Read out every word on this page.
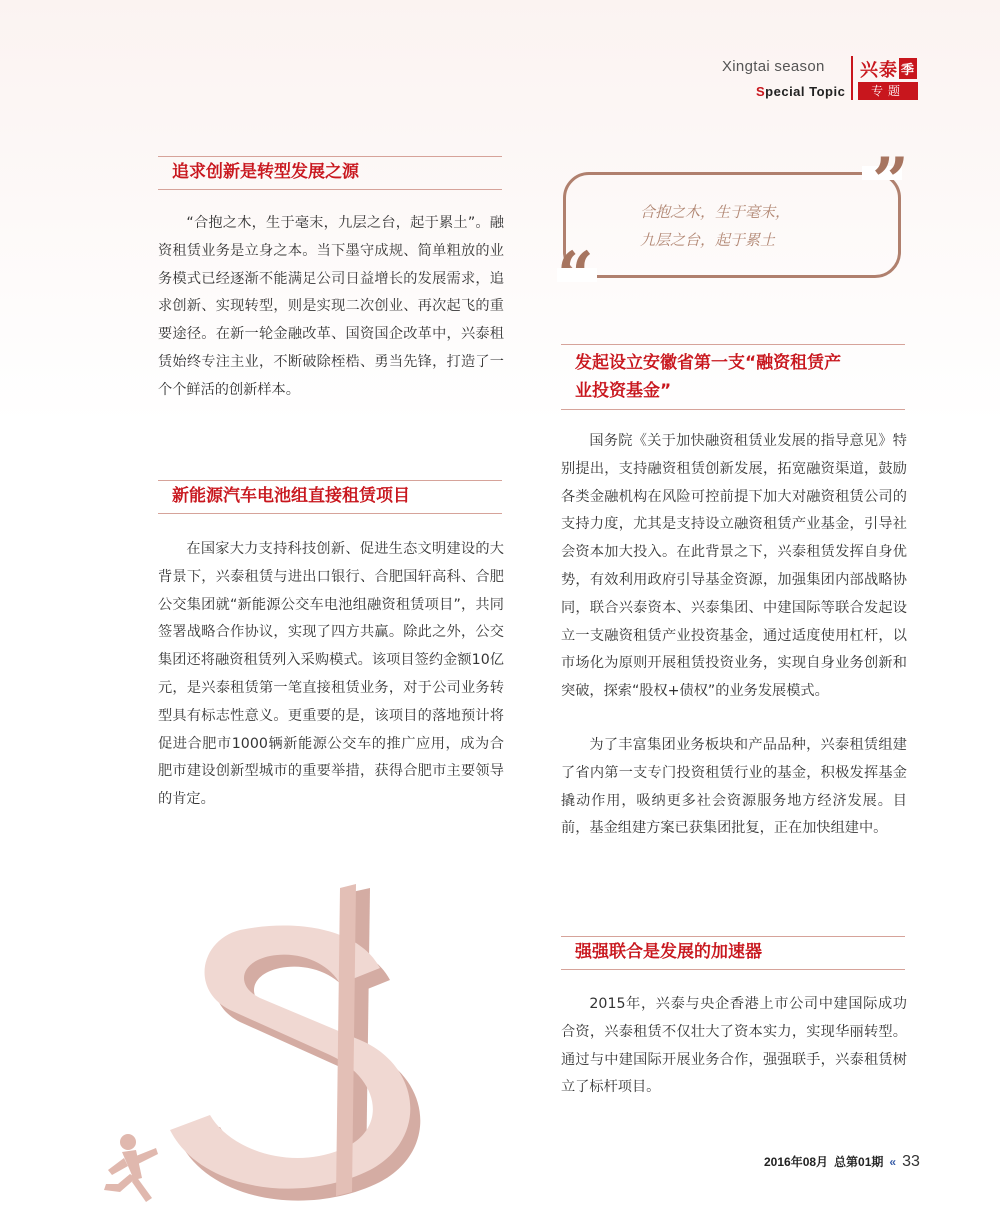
Xingtai season
Special Topic
兴泰 季
专题
追求创新是转型发展之源

“合抱之木，生于毫末，九层之台，起于累土”。融资租赁业务是立身之本。当下墨守成规、简单粗放的业务模式已经逐渐不能满足公司日益增长的发展需求，追求创新、实现转型，则是实现二次创业、再次起飞的重要途径。在新一轮金融改革、国资国企改革中，兴泰租赁始终专注主业，不断破除桎梏、勇当先锋，打造了一个个鲜活的创新样本。

新能源汽车电池组直接租赁项目

在国家大力支持科技创新、促进生态文明建设的大背景下，兴泰租赁与进出口银行、合肥国轩高科、合肥公交集团就“新能源公交车电池组融资租赁项目”，共同签署战略合作协议，实现了四方共赢。除此之外，公交集团还将融资租赁列入采购模式。该项目签约金额10亿元，是兴泰租赁第一笔直接租赁业务，对于公司业务转型具有标志性意义。更重要的是，该项目的落地预计将促进合肥市1000辆新能源公交车的推广应用，成为合肥市建设创新型城市的重要举措，获得合肥市主要领导的肯定。

”
“
合抱之木，生于毫末，
九层之台，起于累土
发起设立安徽省第一支“融资租赁产
业投资基金”

国务院《关于加快融资租赁业发展的指导意见》特别提出，支持融资租赁创新发展，拓宽融资渠道，鼓励各类金融机构在风险可控前提下加大对融资租赁公司的支持力度，尤其是支持设立融资租赁产业基金，引导社会资本加大投入。在此背景之下，兴泰租赁发挥自身优势，有效利用政府引导基金资源，加强集团内部战略协同，联合兴泰资本、兴泰集团、中建国际等联合发起设立一支融资租赁产业投资基金，通过适度使用杠杆，以市场化为原则开展租赁投资业务，实现自身业务创新和突破，探索“股权+债权”的业务发展模式。

为了丰富集团业务板块和产品品种，兴泰租赁组建了省内第一支专门投资租赁行业的基金，积极发挥基金撬动作用，吸纳更多社会资源服务地方经济发展。目前，基金组建方案已获集团批复，正在加快组建中。

强强联合是发展的加速器

2015年，兴泰与央企香港上市公司中建国际成功合资，兴泰租赁不仅壮大了资本实力，实现华丽转型。通过与中建国际开展业务合作，强强联手，兴泰租赁树立了标杆项目。

2016年08月 总第01期 « 33
